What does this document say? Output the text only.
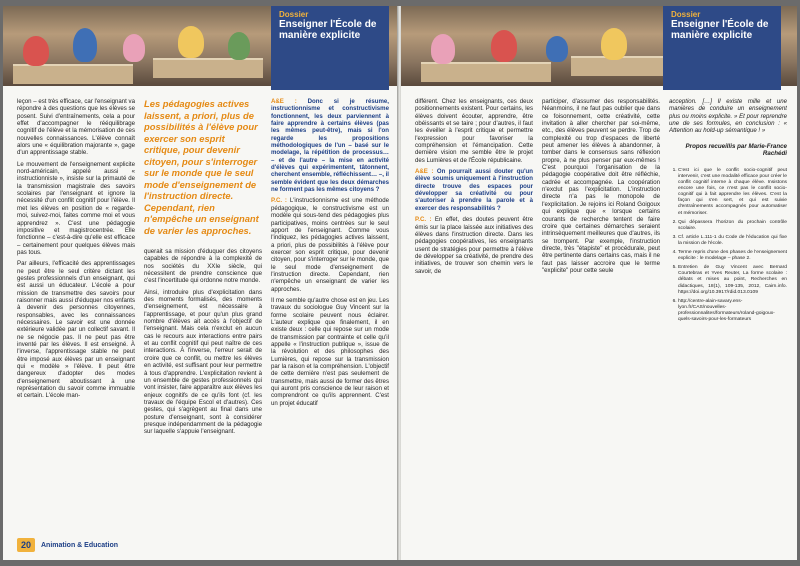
Dossier
Enseigner l'École de manière explicite

leçon – est très efficace, car l'enseignant va répondre à des questions que les élèves se posent. Suivi d'entraînements, cela a pour effet d'accompagner le rééquilibrage cognitif de l'élève et la mémorisation de ces nouvelles connaissances. L'élève connaît alors une « équilibration majorante », gage d'un apprentissage stable.

Le mouvement de l'enseignement explicite nord-américain, appelé aussi « instructionniste », insiste sur la primauté de la transmission magistrale des savoirs scolaires par l'enseignant et ignore la nécessité d'un conflit cognitif pour l'élève. Il met les élèves en position de « regarde-moi, suivez-moi, faites comme moi et vous apprendrez ». C'est une pédagogie impositive et magistrocentrée. Elle fonctionne – c'est-à-dire qu'elle est efficace – certainement pour quelques élèves mais pas tous.

Par ailleurs, l'efficacité des apprentissages ne peut être le seul critère dictant les gestes professionnels d'un enseignant, qui est aussi un éducateur. L'école a pour mission de transmettre des savoirs pour raisonner mais aussi d'éduquer nos enfants à devenir des personnes citoyennes, responsables, avec les connaissances nécessaires. Le savoir est une donnée extérieure validée par un collectif savant. Il ne se négocie pas. Il ne peut pas être inventé par les élèves. Il est enseigné. À l'inverse, l'apprentissage stable ne peut être imposé aux élèves par un enseignant qui « modèle » l'élève. Il peut être dangereux d'adopter des modes d'enseignement aboutissant à une représentation du savoir comme immuable et certain. L'école man-

Les pédagogies actives laissent, a priori, plus de possibilités à l'élève pour exercer son esprit critique, pour devenir citoyen, pour s'interroger sur le monde que le seul mode d'enseignement de l'instruction directe. Cependant, rien n'empêche un enseignant de varier les approches.

querait sa mission d'éduquer des citoyens capables de répondre à la complexité de nos sociétés du XXIe siècle, qui nécessitent de prendre conscience que c'est l'incertitude qui ordonne notre monde.

Ainsi, introduire plus d'explicitation dans des moments formalisés, des moments d'enseignement, est nécessaire à l'apprentissage, et pour qu'un plus grand nombre d'élèves ait accès à l'objectif de l'enseignant. Mais cela n'exclut en aucun cas le recours aux interactions entre pairs et au conflit cognitif qui peut naître de ces interactions. À l'inverse, l'erreur serait de croire que ce conflit, ou mettre les élèves en activité, est suffisant pour leur permettre à tous d'apprendre. L'explicitation revient à un ensemble de gestes professionnels qui vont insister, faire apparaître aux élèves les enjeux cognitifs de ce qu'ils font (cf. les travaux de l'équipe Escol et d'autres). Ces gestes, qui s'agrègent au final dans une posture d'enseignant, sont à considérer presque indépendamment de la pédagogie sur laquelle s'appuie l'enseignant.

A&E : Donc si je résume, instructionnisme et constructivisme fonctionnent, les deux parviennent à faire apprendre à certains élèves (pas les mêmes peut-être), mais si l'on regarde les propositions méthodologiques de l'un – basé sur le modelage, la répétition de processus… – et de l'autre – la mise en activité d'élèves qui expérimentent, tâtonnent, cherchent ensemble, réfléchissent… –, il semble évident que les deux démarches ne forment pas les mêmes citoyens ?

P.C. : L'instructionnisme est une méthode pédagogique, le constructivisme est un modèle qui sous-tend des pédagogies plus participatives, moins centrées sur le seul apport de l'enseignant. Comme vous l'indiquez, les pédagogies actives laissent, a priori, plus de possibilités à l'élève pour exercer son esprit critique, pour devenir citoyen, pour s'interroger sur le monde, que le seul mode d'enseignement de l'instruction directe. Cependant, rien n'empêche un enseignant de varier les approches.

Il me semble qu'autre chose est en jeu. Les travaux du sociologue Guy Vincent sur la forme scolaire peuvent nous éclairer. L'auteur explique que finalement, il en existe deux : celle qui repose sur un mode de transmission par contrainte et celle qu'il appelle « l'instruction publique », issue de la révolution et des philosophes des Lumières, qui repose sur la transmission par la raison et la compréhension. L'objectif de cette dernière n'est pas seulement de transmettre, mais aussi de former des êtres qui auront pris conscience de leur raison et comprendront ce qu'ils apprennent. C'est un projet éducatif

20	Animation & Education
Dossier
Enseigner l'École de manière explicite

différent. Chez les enseignants, ces deux positionnements existent. Pour certains, les élèves doivent écouter, apprendre, être obéissants et se taire ; pour d'autres, il faut les éveiller à l'esprit critique et permettre l'expression pour favoriser la compréhension et l'émancipation. Cette dernière vision me semble être le projet des Lumières et de l'École républicaine.

A&E : On pourrait aussi douter qu'un élève soumis uniquement à l'instruction directe trouve des espaces pour développer sa créativité ou pour s'autoriser à prendre la parole et à exercer des responsabilités ?

P.C. : En effet, des doutes peuvent être émis sur la place laissée aux initiatives des élèves dans l'instruction directe. Dans les pédagogies coopératives, les enseignants usent de stratégies pour permettre à l'élève de développer sa créativité, de prendre des initiatives, de trouver son chemin vers le savoir, de

participer, d'assumer des responsabilités. Néanmoins, il ne faut pas oublier que dans ce foisonnement, cette créativité, cette invitation à aller chercher par soi-même, etc., des élèves peuvent se perdre. Trop de complexité ou trop d'espaces de liberté peut amener les élèves à abandonner, à tomber dans le consensus sans réflexion propre, à ne plus penser par eux-mêmes ! C'est pourquoi l'organisation de la pédagogie coopérative doit être réfléchie, cadrée et accompagnée. La coopération n'exclut pas l'explicitation. L'instruction directe n'a pas le monopole de l'explicitation. Je rejoins ici Roland Goigoux qui explique que « lorsque certains courants de recherche tentent de faire croire que certaines démarches seraient intrinsèquement meilleures que d'autres, ils se trompent. Par exemple, l'instruction directe, très "étapiste" et procédurale, peut être pertinente dans certains cas, mais il ne faut pas laisser accroire que le terme "explicite" pour cette seule

acception. […] Il existe mille et une manières de conduire un enseignement plus ou moins explicite. » Et pour reprendre une de ses formules, en conclusion : « Attention au hold-up sémantique ! »

Propos recueillis par Marie-France Rachédi
1. C'est ici que le conflit socio-cognitif peut intervenir, c'est une modalité efficace pour créer le conflit cognitif interne à chaque élève. Insistons encore une fois, ce n'est pas le conflit socio-cognitif qui à fait apprendre les élèves. C'est la façon qui s'en sert, et qui est suivie d'entraînements accompagnés pour automatiser et mémoriser.
2. Qui dépassera l'horizon du prochain contrôle scolaire.
3. Cf. article L.111-1 du Code de l'éducation qui fixe la mission de l'école.
4. Terme repris d'une des phases de l'enseignement explicite : le modelage – phase 2.
5. Entretien de Guy Vincent avec Bernard Courtebras et Yves Reuter, La forme scolaire : débats et mises au point, Recherches en didactiques, 18(1), 109-135, 2012, Cairn.info. https://doi.org/10.3917/rdid.013.0109
6. http://centre-alain-savary.ens-lyon.fr/CAS/nouvelles-professionnalites/formateurs/roland-goigoux-quels-savoirs-pour-les-formateurs
